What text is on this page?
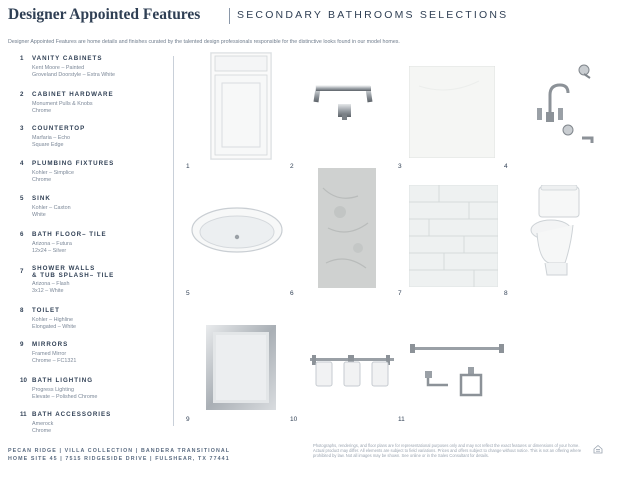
Designer Appointed Features	SECONDARY BATHROOMS SELECTIONS
Designer Appointed Features are home details and finishes curated by the talented design professionals responsible for the distinctive looks found in our model homes.
1 VANITY CABINETS
Kent Moore – Painted
Groveland Doorstyle – Extra White
2 CABINET HARDWARE
Monument Pulls & Knobs
Chrome
3 COUNTERTOP
Marfaria – Echo
Square Edge
4 PLUMBING FIXTURES
Kohler – Simplice
Chrome
5 SINK
Kohler – Caxton
White
6 BATH FLOOR– TILE
Arizona – Futura
12x24 – Silver
7 SHOWER WALLS
& TUB SPLASH– TILE
Arizona – Flash
3x12 – White
8 TOILET
Kohler – Highline
Elongated – White
9 MIRRORS
Framed Mirror
Chrome – FC1321
10 BATH LIGHTING
Progress Lighting
Elevate – Polished Chrome
11 BATH ACCESSORIES
Amerock
Chrome
1	2	3	4
5	6	7	8
9	10	11
PECAN RIDGE | VILLA COLLECTION | BANDERA TRANSITIONAL
HOME SITE 45 | 7515 RIDGESIDE DRIVE | FULSHEAR, TX 77441
Photographs, renderings, and floor plans are for representational purposes only and may not reflect the exact features or dimensions of your home. Actual product may differ. All elements are subject to field variations. Prices and offers subject to change without notice. This is not an offering where prohibited by law. Not all images may be shown. See online or in the Sales Consultant for details.
